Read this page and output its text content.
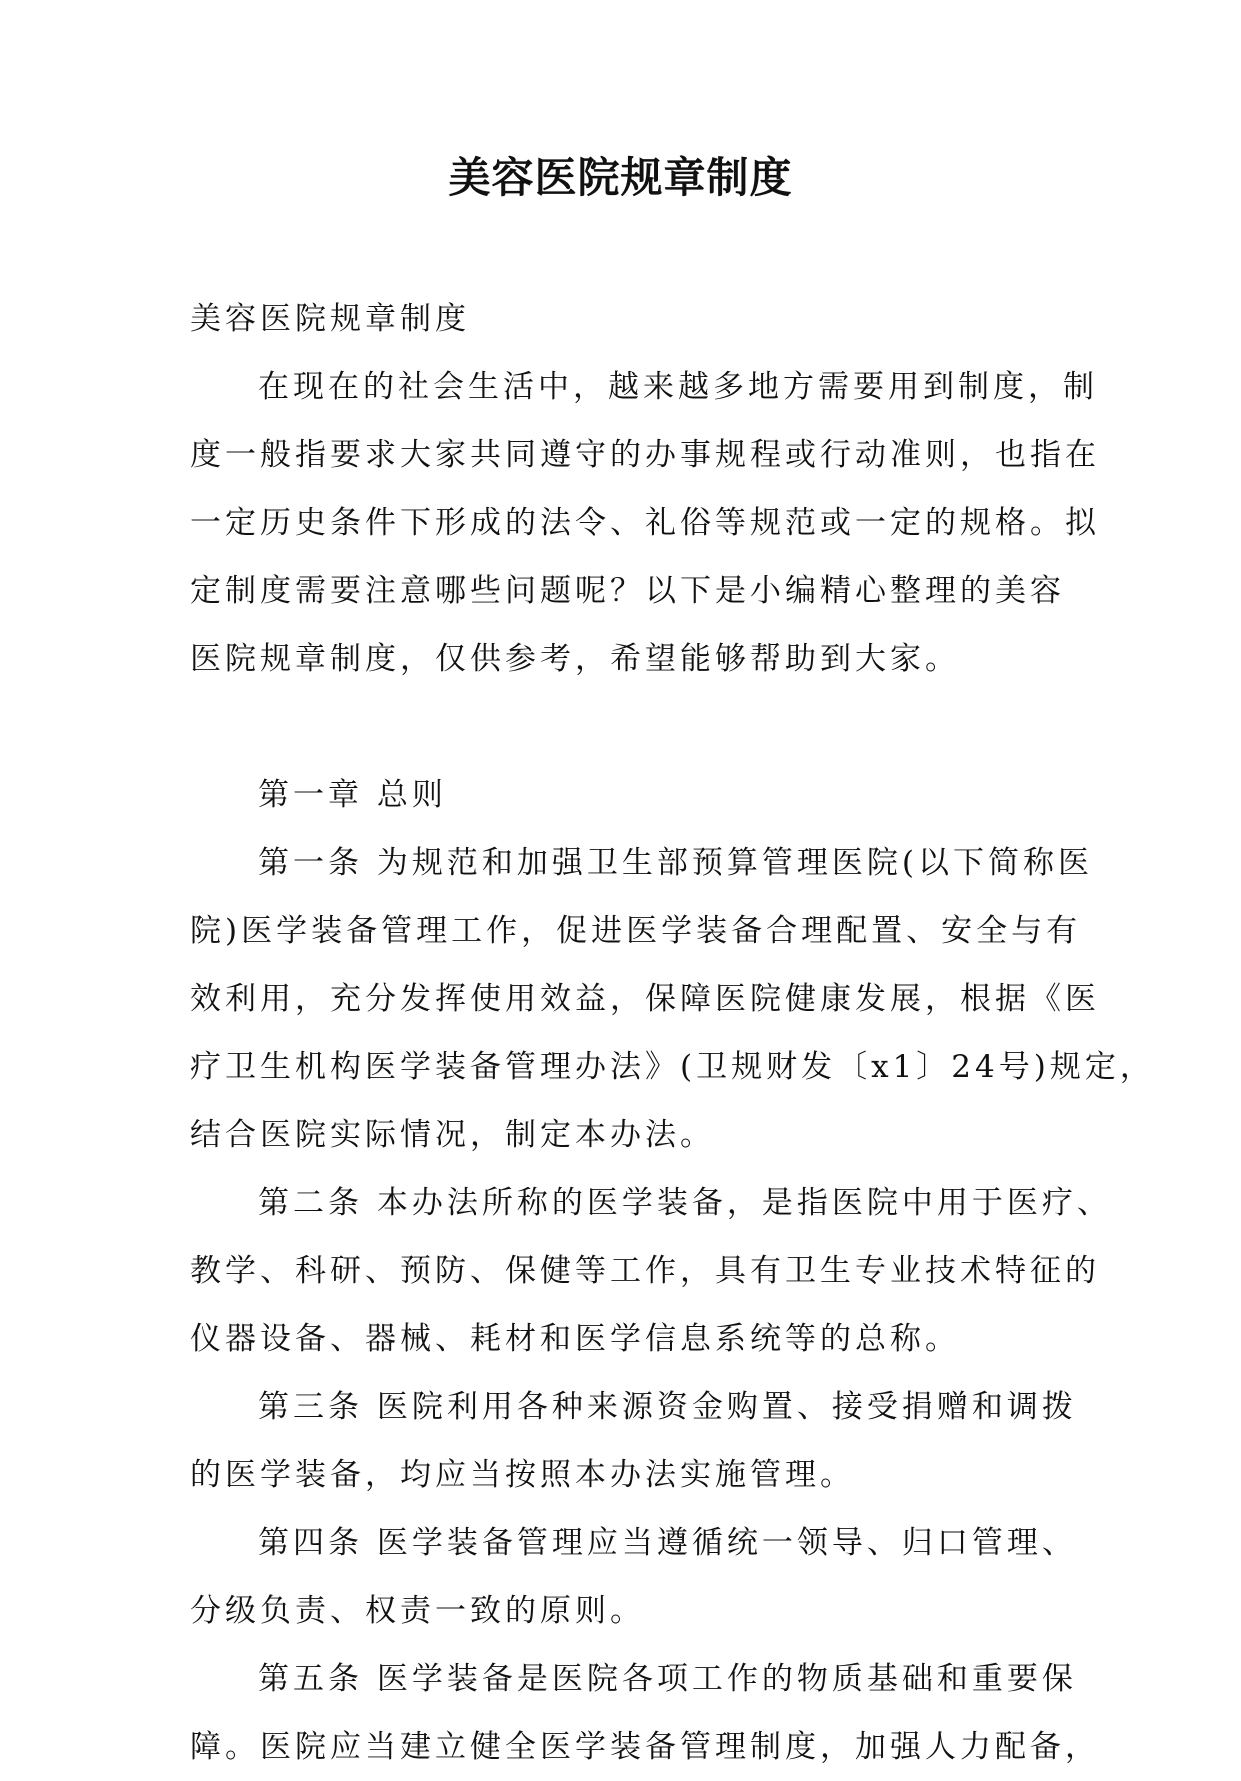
美容医院规章制度
美容医院规章制度
在现在的社会生活中，越来越多地方需要用到制度，制
度一般指要求大家共同遵守的办事规程或行动准则，也指在
一定历史条件下形成的法令、礼俗等规范或一定的规格。拟
定制度需要注意哪些问题呢？以下是小编精心整理的美容
医院规章制度，仅供参考，希望能够帮助到大家。
第一章 总则
第一条 为规范和加强卫生部预算管理医院(以下简称医
院)医学装备管理工作，促进医学装备合理配置、安全与有
效利用，充分发挥使用效益，保障医院健康发展，根据《医
疗卫生机构医学装备管理办法》(卫规财发〔x1〕24号)规定，
结合医院实际情况，制定本办法。
第二条 本办法所称的医学装备，是指医院中用于医疗、
教学、科研、预防、保健等工作，具有卫生专业技术特征的
仪器设备、器械、耗材和医学信息系统等的总称。
第三条 医院利用各种来源资金购置、接受捐赠和调拨
的医学装备，均应当按照本办法实施管理。
第四条 医学装备管理应当遵循统一领导、归口管理、
分级负责、权责一致的原则。
第五条 医学装备是医院各项工作的物质基础和重要保
障。医院应当建立健全医学装备管理制度，加强人力配备，
